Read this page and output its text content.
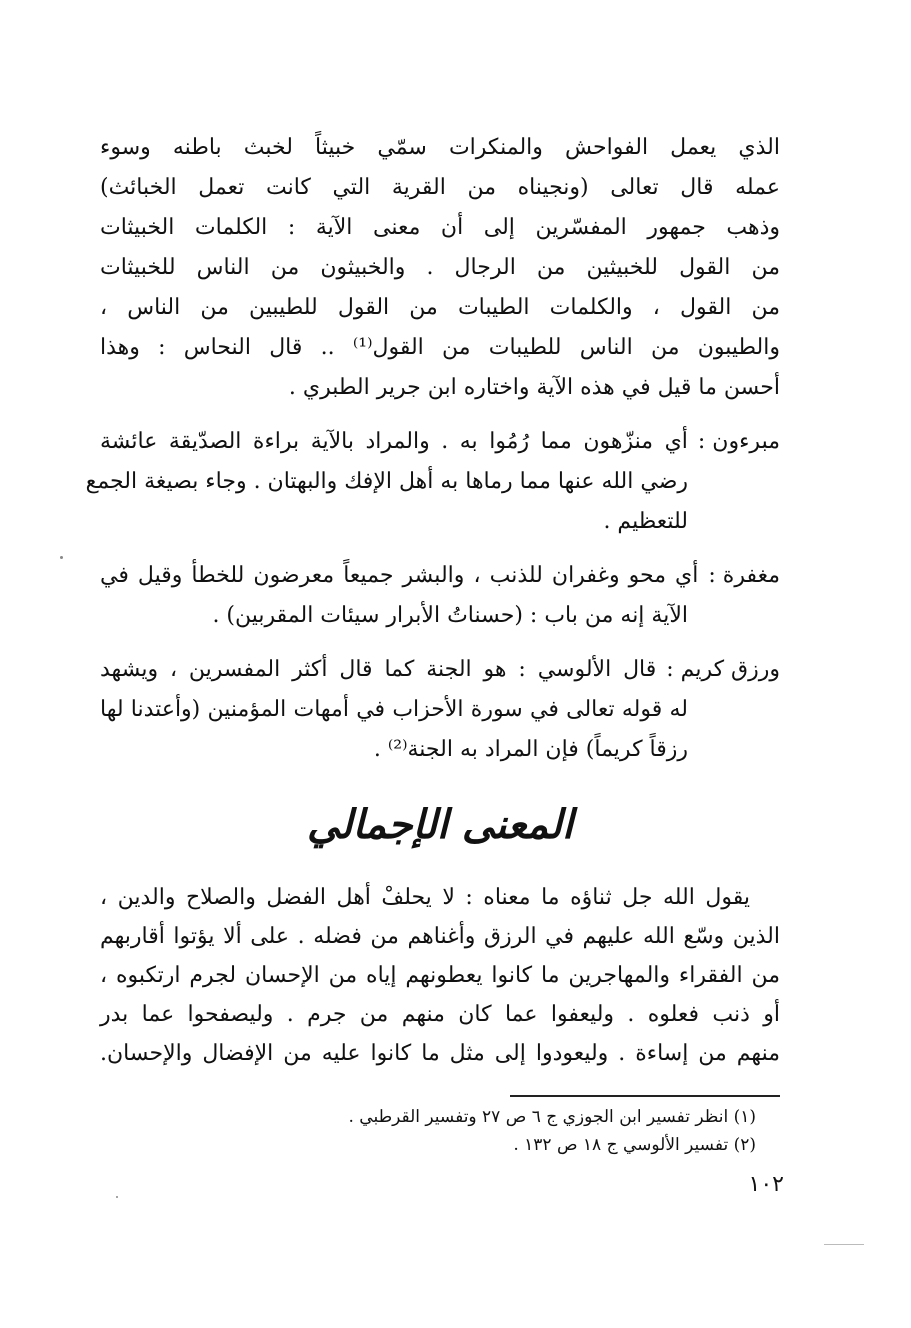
الذي يعمل الفواحش والمنكرات سمّي خبيثاً لخبث باطنه وسوء
عمله قال تعالى (ونجيناه من القرية التي كانت تعمل الخبائث)
وذهب جمهور المفسّرين إلى أن معنى الآية : الكلمات الخبيثات
من القول للخبيثين من الرجال . والخبيثون من الناس للخبيثات
من القول ، والكلمات الطيبات من القول للطيبين من الناس ،
والطيبون من الناس للطيبات من القول⁽¹⁾ .. قال النحاس : وهذا
أحسن ما قيل في هذه الآية واختاره ابن جرير الطبري .
مبرءون :
أي منزّهون مما رُمُوا به . والمراد بالآية براءة الصدّيقة عائشة
رضي الله عنها مما رماها به أهل الإفك والبهتان . وجاء بصيغة الجمع
للتعظيم .
مغفرة :
أي محو وغفران للذنب ، والبشر جميعاً معرضون للخطأ وقيل في
الآية إنه من باب : (حسناتُ الأبرار سيئات المقربين) .
ورزق كريم :
قال الألوسي : هو الجنة كما قال أكثر المفسرين ، ويشهد
له قوله تعالى في سورة الأحزاب في أمهات المؤمنين (وأعتدنا لها
رزقاً كريماً) فإن المراد به الجنة⁽²⁾ .
المعنى الإجمالي
يقول الله جل ثناؤه ما معناه : لا يحلفْ أهل الفضل والصلاح والدين ،
الذين وسّع الله عليهم في الرزق وأغناهم من فضله . على ألا يؤتوا أقاربهم
من الفقراء والمهاجرين ما كانوا يعطونهم إياه من الإحسان لجرم ارتكبوه ،
أو ذنب فعلوه . وليعفوا عما كان منهم من جرم . وليصفحوا عما بدر
منهم من إساءة . وليعودوا إلى مثل ما كانوا عليه من الإفضال والإحسان.
(١) انظر تفسير ابن الجوزي ج ٦ ص ٢٧ وتفسير القرطبي .
(٢) تفسير الألوسي ج ١٨ ص ١٣٢ .
١٠٢
